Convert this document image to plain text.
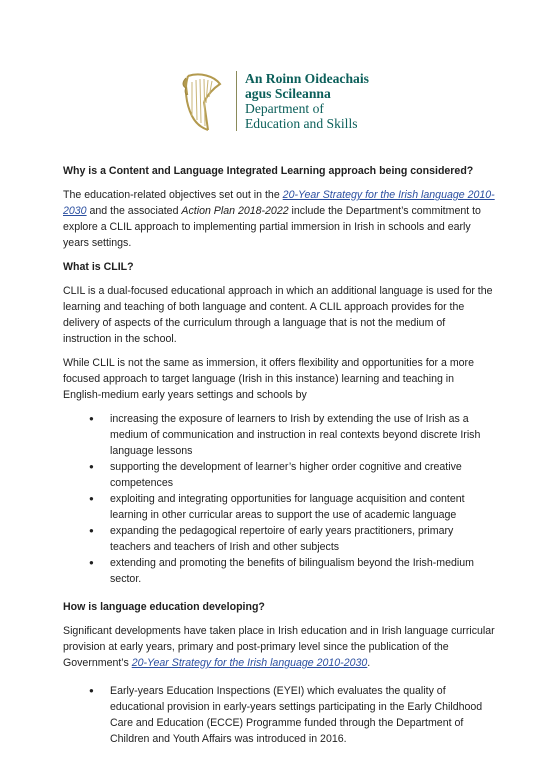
An Roinn Oideachais
agus Scileanna
Department of
Education and Skills
Why is a Content and Language Integrated Learning approach being considered?

The education-related objectives set out in the 20-Year Strategy for the Irish language 2010-2030 and the associated Action Plan 2018-2022 include the Department’s commitment to explore a CLIL approach to implementing partial immersion in Irish in schools and early years settings.

What is CLIL?

CLIL is a dual-focused educational approach in which an additional language is used for the learning and teaching of both language and content. A CLIL approach provides for the delivery of aspects of the curriculum through a language that is not the medium of instruction in the school.

While CLIL is not the same as immersion, it offers flexibility and opportunities for a more focused approach to target language (Irish in this instance) learning and teaching in English-medium early years settings and schools by

● increasing the exposure of learners to Irish by extending the use of Irish as a medium of communication and instruction in real contexts beyond discrete Irish language lessons
● supporting the development of learner’s higher order cognitive and creative competences
● exploiting and integrating opportunities for language acquisition and content learning in other curricular areas to support the use of academic language
● expanding the pedagogical repertoire of early years practitioners, primary teachers and teachers of Irish and other subjects
● extending and promoting the benefits of bilingualism beyond the Irish-medium sector.
How is language education developing?

Significant developments have taken place in Irish education and in Irish language curricular provision at early years, primary and post-primary level since the publication of the Government’s 20-Year Strategy for the Irish language 2010-2030.

● Early-years Education Inspections (EYEI) which evaluates the quality of educational provision in early-years settings participating in the Early Childhood Care and Education (ECCE) Programme funded through the Department of Children and Youth Affairs was introduced in 2016.
